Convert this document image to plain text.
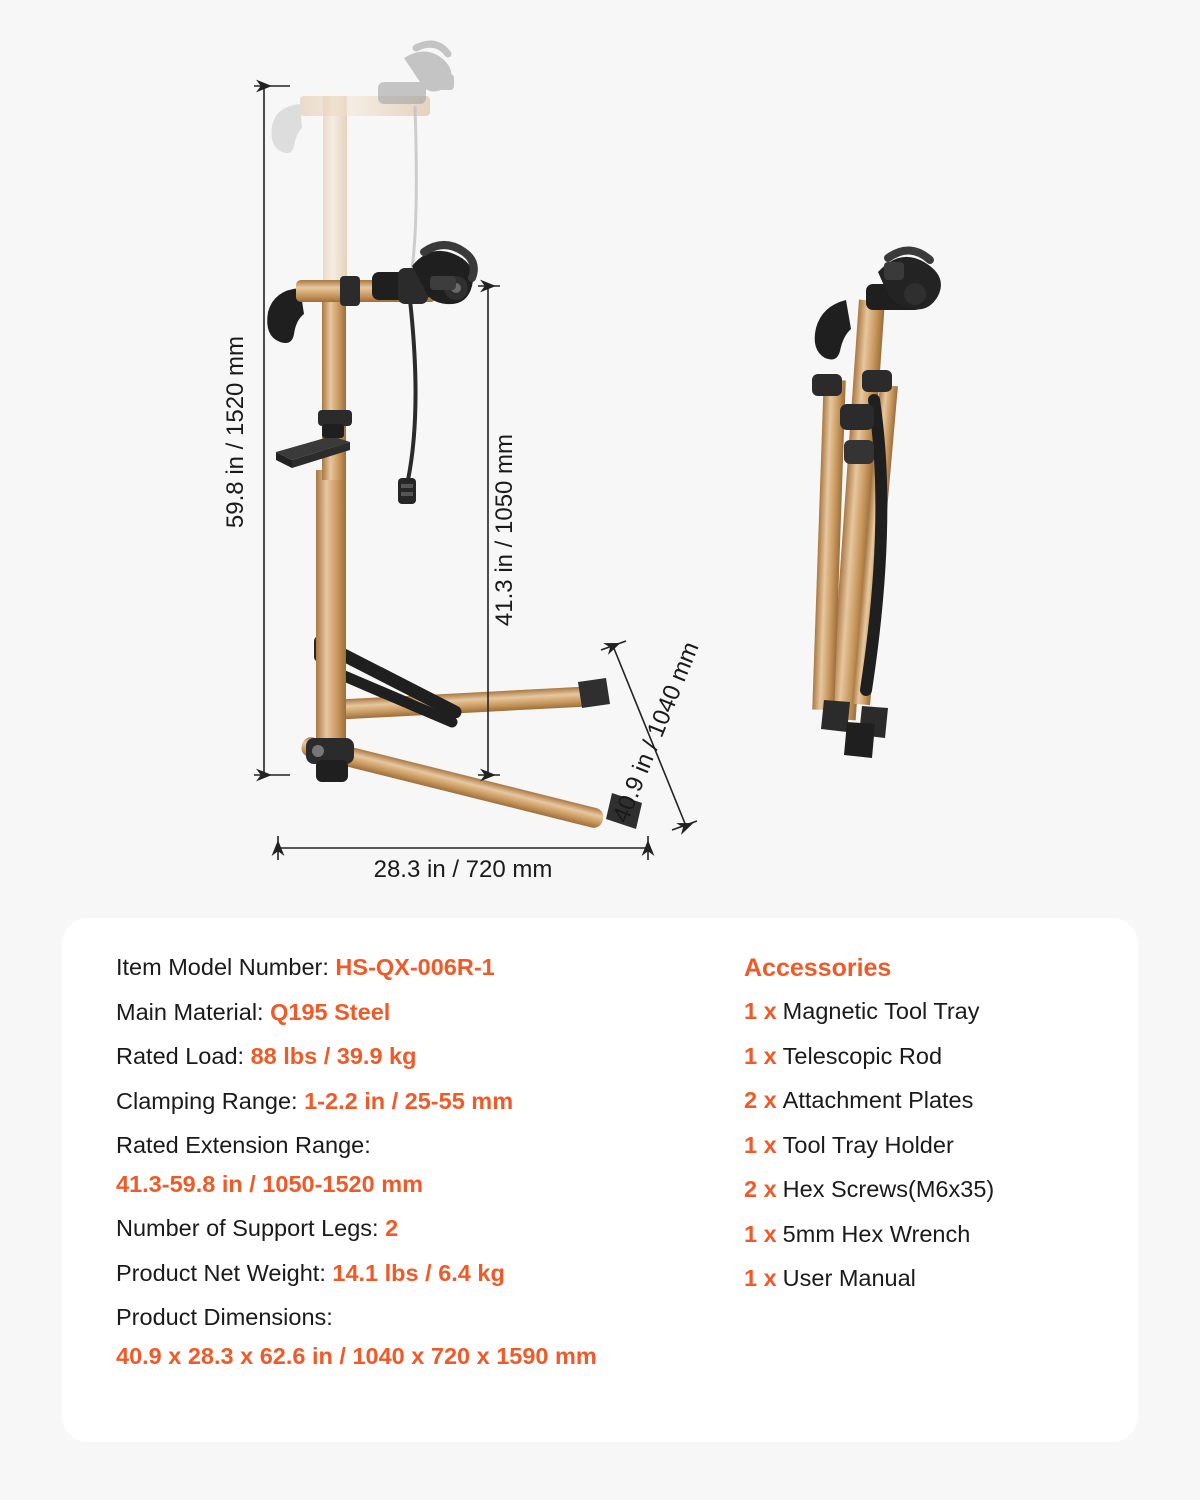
59.8 in / 1520 mm
41.3 in / 1050 mm
40.9 in / 1040 mm
28.3 in / 720 mm
Item Model Number: HS-QX-006R-1
Main Material: Q195 Steel
Rated Load: 88 lbs / 39.9 kg
Clamping Range: 1-2.2 in / 25-55 mm
Rated Extension Range:
41.3-59.8 in / 1050-1520 mm
Number of Support Legs: 2
Product Net Weight: 14.1 lbs / 6.4 kg
Product Dimensions:
40.9 x 28.3 x 62.6 in / 1040 x 720 x 1590 mm
Accessories
1 x Magnetic Tool Tray
1 x Telescopic Rod
2 x Attachment Plates
1 x Tool Tray Holder
2 x Hex Screws(M6x35)
1 x 5mm Hex Wrench
1 x User Manual
